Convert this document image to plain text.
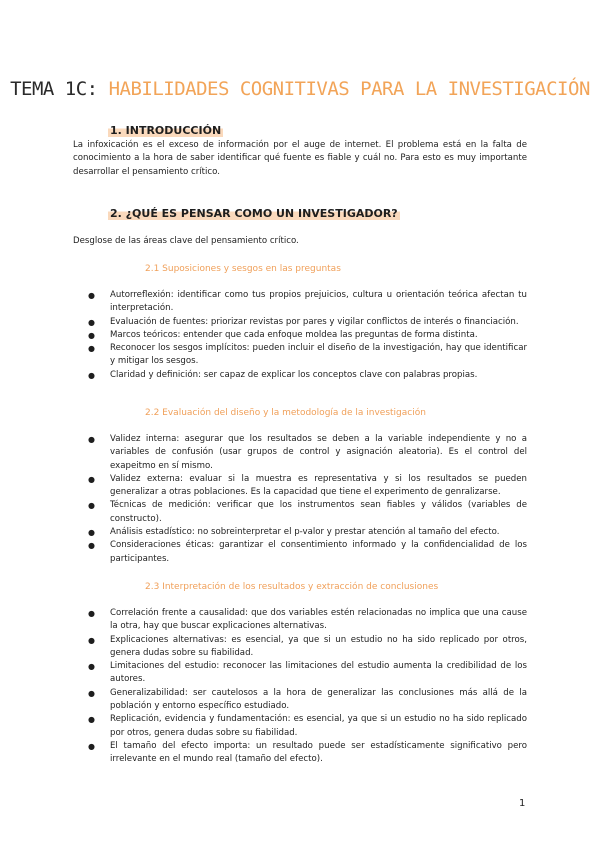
TEMA 1C: HABILIDADES COGNITIVAS PARA LA INVESTIGACIÓN
1. INTRODUCCIÓN

La infoxicación es el exceso de información por el auge de internet. El problema está en la falta de conocimiento a la hora de saber identificar qué fuente es fiable y cuál no. Para esto es muy importante desarrollar el pensamiento crítico.

2. ¿QUÉ ES PENSAR COMO UN INVESTIGADOR?

Desglose de las áreas clave del pensamiento crítico.

2.1 Suposiciones y sesgos en las preguntas
● Autorreflexión: identificar como tus propios prejuicios, cultura u orientación teórica afectan tu interpretación.
● Evaluación de fuentes: priorizar revistas por pares y vigilar conflictos de interés o financiación.
● Marcos teóricos: entender que cada enfoque moldea las preguntas de forma distinta.
● Reconocer los sesgos implícitos: pueden incluir el diseño de la investigación, hay que identificar y mitigar los sesgos.
● Claridad y definición: ser capaz de explicar los conceptos clave con palabras propias.
2.2 Evaluación del diseño y la metodología de la investigación
● Validez interna: asegurar que los resultados se deben a la variable independiente y no a variables de confusión (usar grupos de control y asignación aleatoria). Es el control del exapeitmo en sí mismo.
● Validez externa: evaluar si la muestra es representativa y si los resultados se pueden generalizar a otras poblaciones. Es la capacidad que tiene el experimento de genralizarse.
● Técnicas de medición: verificar que los instrumentos sean fiables y válidos (variables de constructo).
● Análisis estadístico: no sobreinterpretar el p-valor y prestar atención al tamaño del efecto.
● Consideraciones éticas: garantizar el consentimiento informado y la confidencialidad de los participantes.
2.3 Interpretación de los resultados y extracción de conclusiones
● Correlación frente a causalidad: que dos variables estén relacionadas no implica que una cause la otra, hay que buscar explicaciones alternativas.
● Explicaciones alternativas: es esencial, ya que si un estudio no ha sido replicado por otros, genera dudas sobre su fiabilidad.
● Limitaciones del estudio: reconocer las limitaciones del estudio aumenta la credibilidad de los autores.
● Generalizabilidad: ser cautelosos a la hora de generalizar las conclusiones más allá de la población y entorno específico estudiado.
● Replicación, evidencia y fundamentación: es esencial, ya que si un estudio no ha sido replicado por otros, genera dudas sobre su fiabilidad.
● El tamaño del efecto importa: un resultado puede ser estadísticamente significativo pero irrelevante en el mundo real (tamaño del efecto).
1
